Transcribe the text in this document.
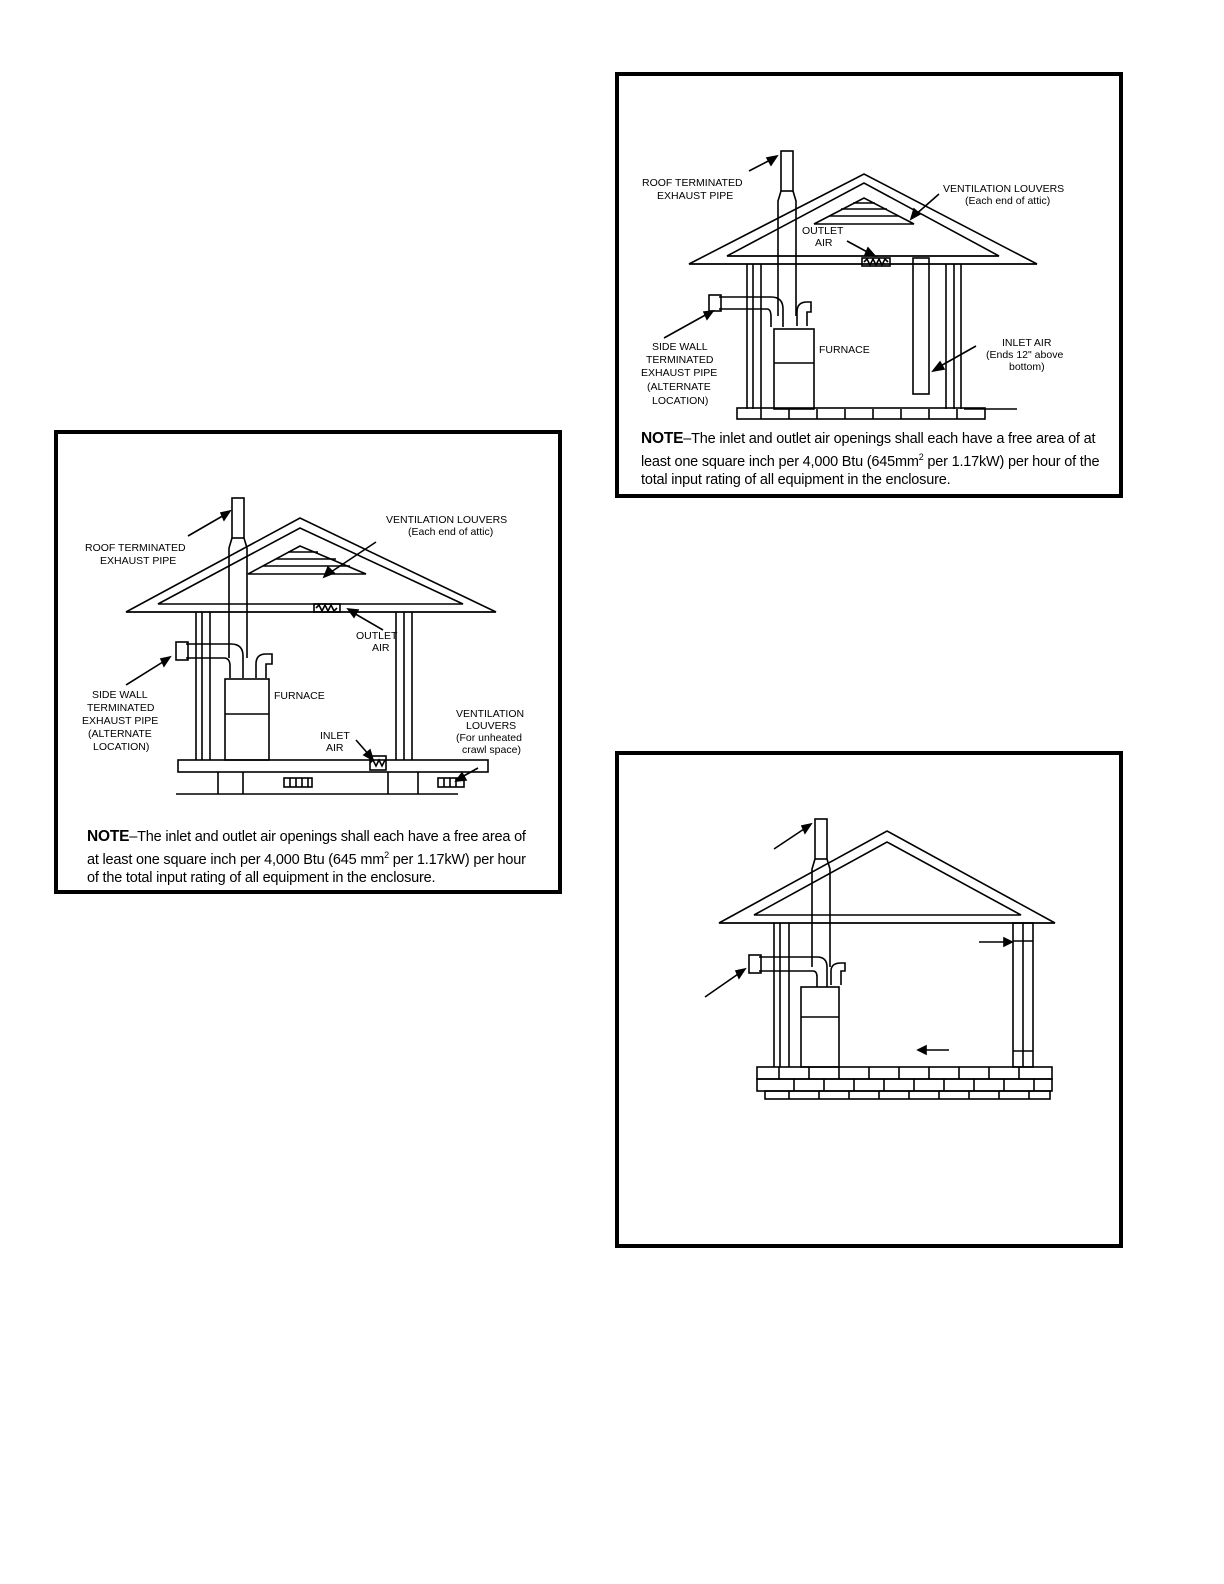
ROOF TERMINATED EXHAUST PIPE
VENTILATION LOUVERS (Each end of attic)
OUTLET AIR
FURNACE
SIDE WALL TERMINATED EXHAUST PIPE (ALTERNATE LOCATION)
INLET AIR (Ends 12" above bottom)
NOTE–The inlet and outlet air openings shall each have a free area of at least one square inch per 4,000 Btu ($645mm^2$ per 1.17kW) per hour of the total input rating of all equipment in the enclosure.
ROOF TERMINATED EXHAUST PIPE
VENTILATION LOUVERS (Each end of attic)
OUTLET AIR
FURNACE
SIDE WALL TERMINATED EXHAUST PIPE (ALTERNATE LOCATION)
INLET AIR
VENTILATION LOUVERS (For unheated crawl space)
NOTE–The inlet and outlet air openings shall each have a free area of at least one square inch per 4,000 Btu (645 $mm^2$ per 1.17kW) per hour of the total input rating of all equipment in the enclosure.
